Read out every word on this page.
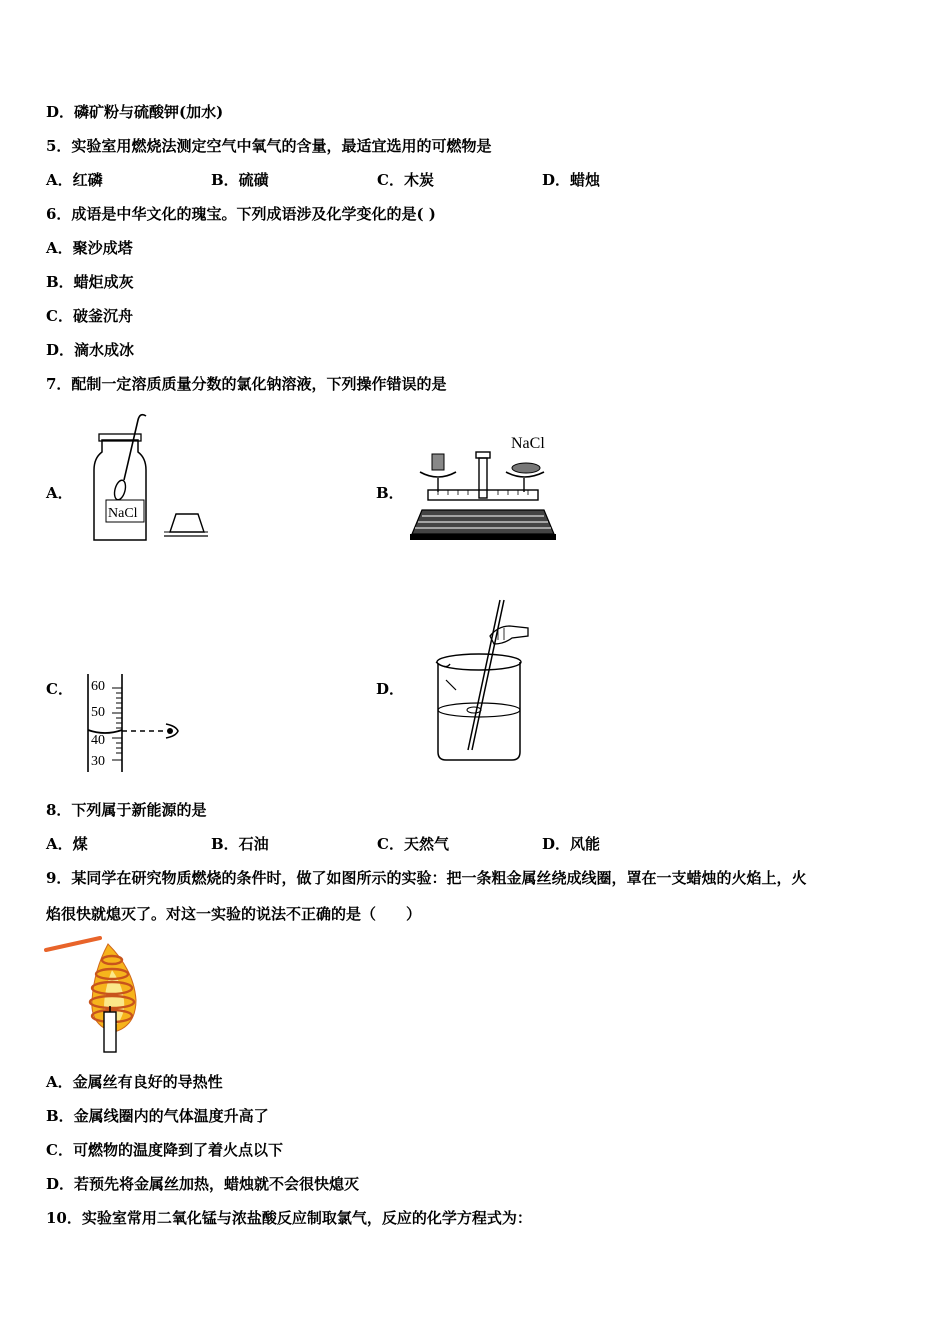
D．磷矿粉与硫酸钾(加水)
5．实验室用燃烧法测定空气中氧气的含量，最适宜选用的可燃物是
A．红磷	B．硫磺	C．木炭	D．蜡烛
6．成语是中华文化的瑰宝。下列成语涉及化学变化的是( )
A．聚沙成塔
B．蜡炬成灰
C．破釜沉舟
D．滴水成冰
7．配制一定溶质质量分数的氯化钠溶液，下列操作错误的是
A．
NaCl
B．
NaCl
C． 60
50
40
30
D．
8．下列属于新能源的是
A．煤	B．石油	C．天然气	D．风能
9．某同学在研究物质燃烧的条件时，做了如图所示的实验：把一条粗金属丝绕成线圈，罩在一支蜡烛的火焰上，火
焰很快就熄灭了。对这一实验的说法不正确的是（　　）
A．金属丝有良好的导热性
B．金属线圈内的气体温度升高了
C．可燃物的温度降到了着火点以下
D．若预先将金属丝加热，蜡烛就不会很快熄灭
10．实验室常用二氧化锰与浓盐酸反应制取氯气，反应的化学方程式为：
